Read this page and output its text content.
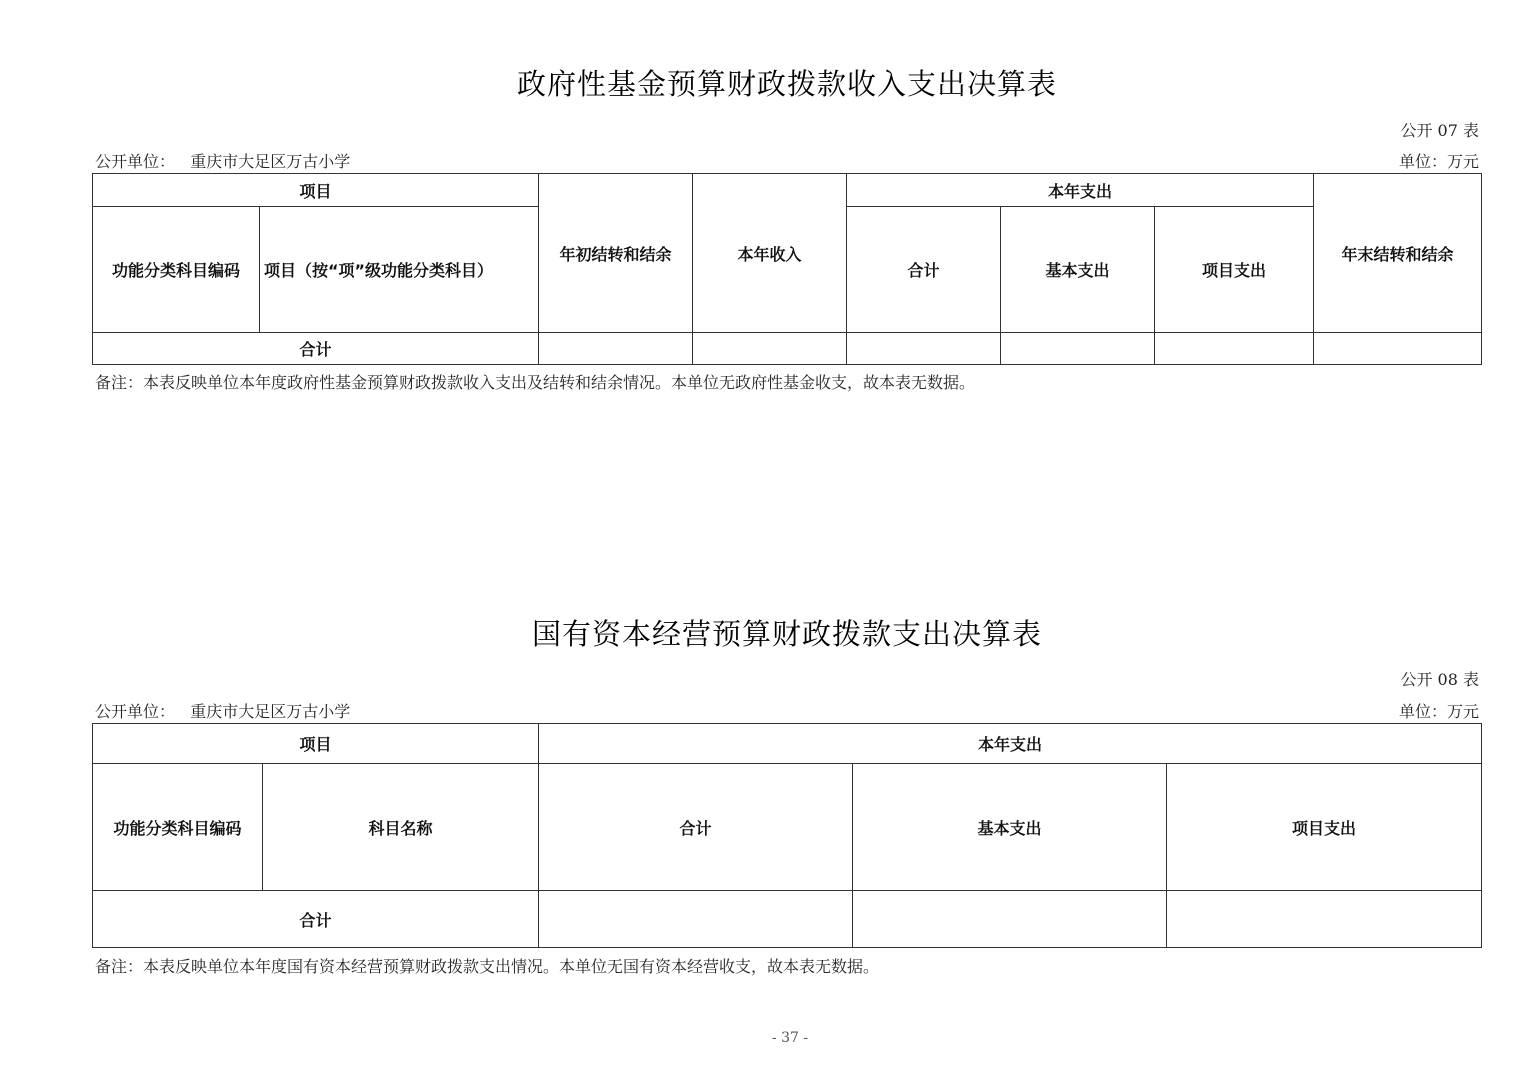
政府性基金预算财政拨款收入支出决算表
公开 07 表
公开单位： 重庆市大足区万古小学	单位：万元
项目		年初结转和结余	本年收入	本年支出			年末结转和结余
功能分类科目编码	项目（按“项”级功能分类科目）			合计	基本支出	项目支出	
合计							
备注：本表反映单位本年度政府性基金预算财政拨款收入支出及结转和结余情况。本单位无政府性基金收支，故本表无数据。
国有资本经营预算财政拨款支出决算表
公开 08 表
公开单位： 重庆市大足区万古小学	单位：万元
项目		本年支出		
功能分类科目编码	科目名称	合计	基本支出	项目支出
合计				
备注：本表反映单位本年度国有资本经营预算财政拨款支出情况。本单位无国有资本经营收支，故本表无数据。
- 37 -
